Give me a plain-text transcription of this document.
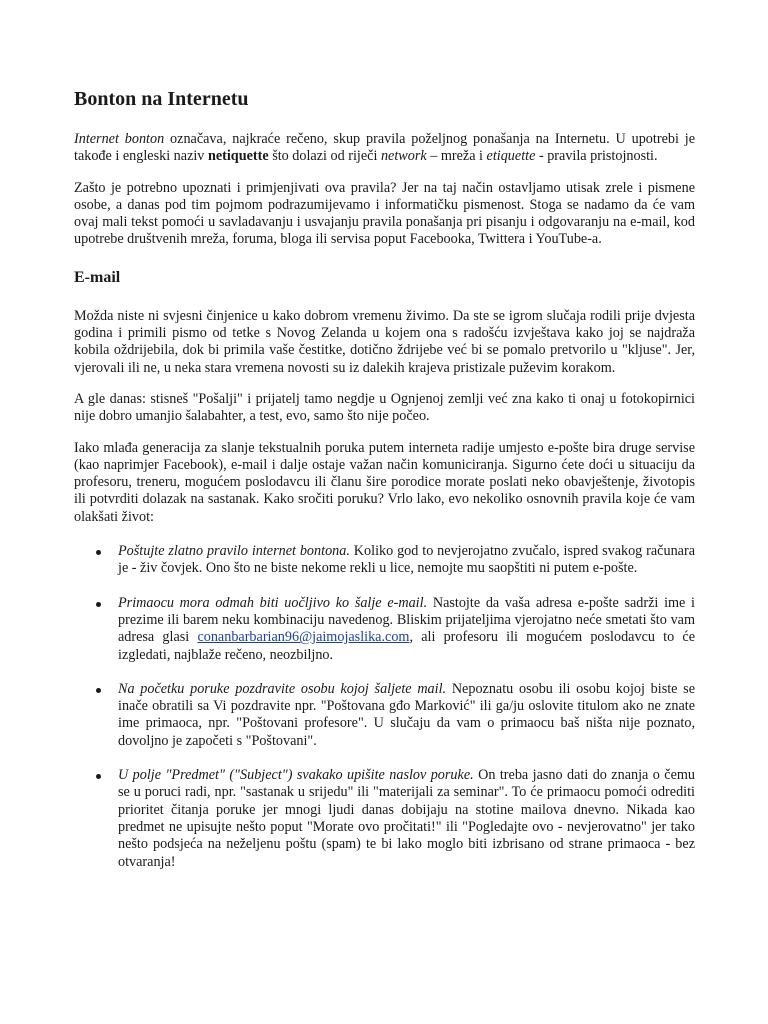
Bonton na Internetu

Internet bonton označava, najkraće rečeno, skup pravila poželjnog ponašanja na Internetu. U upotrebi je takođe i engleski naziv netiquette što dolazi od riječi network – mreža i etiquette - pravila pristojnosti.

Zašto je potrebno upoznati i primjenjivati ova pravila? Jer na taj način ostavljamo utisak zrele i pismene osobe, a danas pod tim pojmom podrazumijevamo i informatičku pismenost. Stoga se nadamo da će vam ovaj mali tekst pomoći u savladavanju i usvajanju pravila ponašanja pri pisanju i odgovaranju na e-mail, kod upotrebe društvenih mreža, foruma, bloga ili servisa poput Facebooka, Twittera i YouTube-a.

E-mail

Možda niste ni svjesni činjenice u kako dobrom vremenu živimo. Da ste se igrom slučaja rodili prije dvjesta godina i primili pismo od tetke s Novog Zelanda u kojem ona s radošću izvještava kako joj se najdraža kobila oždrijebila, dok bi primila vaše čestitke, dotično ždrijebe već bi se pomalo pretvorilo u "kljuse". Jer, vjerovali ili ne, u neka stara vremena novosti su iz dalekih krajeva pristizale puževim korakom.

A gle danas: stisneš "Pošalji" i prijatelj tamo negdje u Ognjenoj zemlji već zna kako ti onaj u fotokopirnici nije dobro umanjio šalabahter, a test, evo, samo što nije počeo.

Iako mlađa generacija za slanje tekstualnih poruka putem interneta radije umjesto e-pošte bira druge servise (kao naprimjer Facebook), e-mail i dalje ostaje važan način komuniciranja. Sigurno ćete doći u situaciju da profesoru, treneru, mogućem poslodavcu ili članu šire porodice morate poslati neko obavještenje, životopis ili potvrditi dolazak na sastanak. Kako sročiti poruku? Vrlo lako, evo nekoliko osnovnih pravila koje će vam olakšati život:

Poštujte zlatno pravilo internet bontona. Koliko god to nevjerojatno zvučalo, ispred svakog računara je - živ čovjek. Ono što ne biste nekome rekli u lice, nemojte mu saopštiti ni putem e-pošte.
Primaocu mora odmah biti uočljivo ko šalje e-mail. Nastojte da vaša adresa e-pošte sadrži ime i prezime ili barem neku kombinaciju navedenog. Bliskim prijateljima vjerojatno neće smetati što vam adresa glasi conanbarbarian96@jaimojaslika.com, ali profesoru ili mogućem poslodavcu to će izgledati, najblaže rečeno, neozbiljno.
Na početku poruke pozdravite osobu kojoj šaljete mail. Nepoznatu osobu ili osobu kojoj biste se inače obratili sa Vi pozdravite npr. "Poštovana gđo Marković" ili ga/ju oslovite titulom ako ne znate ime primaoca, npr. "Poštovani profesore". U slučaju da vam o primaocu baš ništa nije poznato, dovoljno je započeti s "Poštovani".
U polje "Predmet" ("Subject") svakako upišite naslov poruke. On treba jasno dati do znanja o čemu se u poruci radi, npr. "sastanak u srijedu" ili "materijali za seminar". To će primaocu pomoći odrediti prioritet čitanja poruke jer mnogi ljudi danas dobijaju na stotine mailova dnevno. Nikada kao predmet ne upisujte nešto poput "Morate ovo pročitati!" ili "Pogledajte ovo - nevjerovatno" jer tako nešto podsjeća na neželjenu poštu (spam) te bi lako moglo biti izbrisano od strane primaoca - bez otvaranja!
